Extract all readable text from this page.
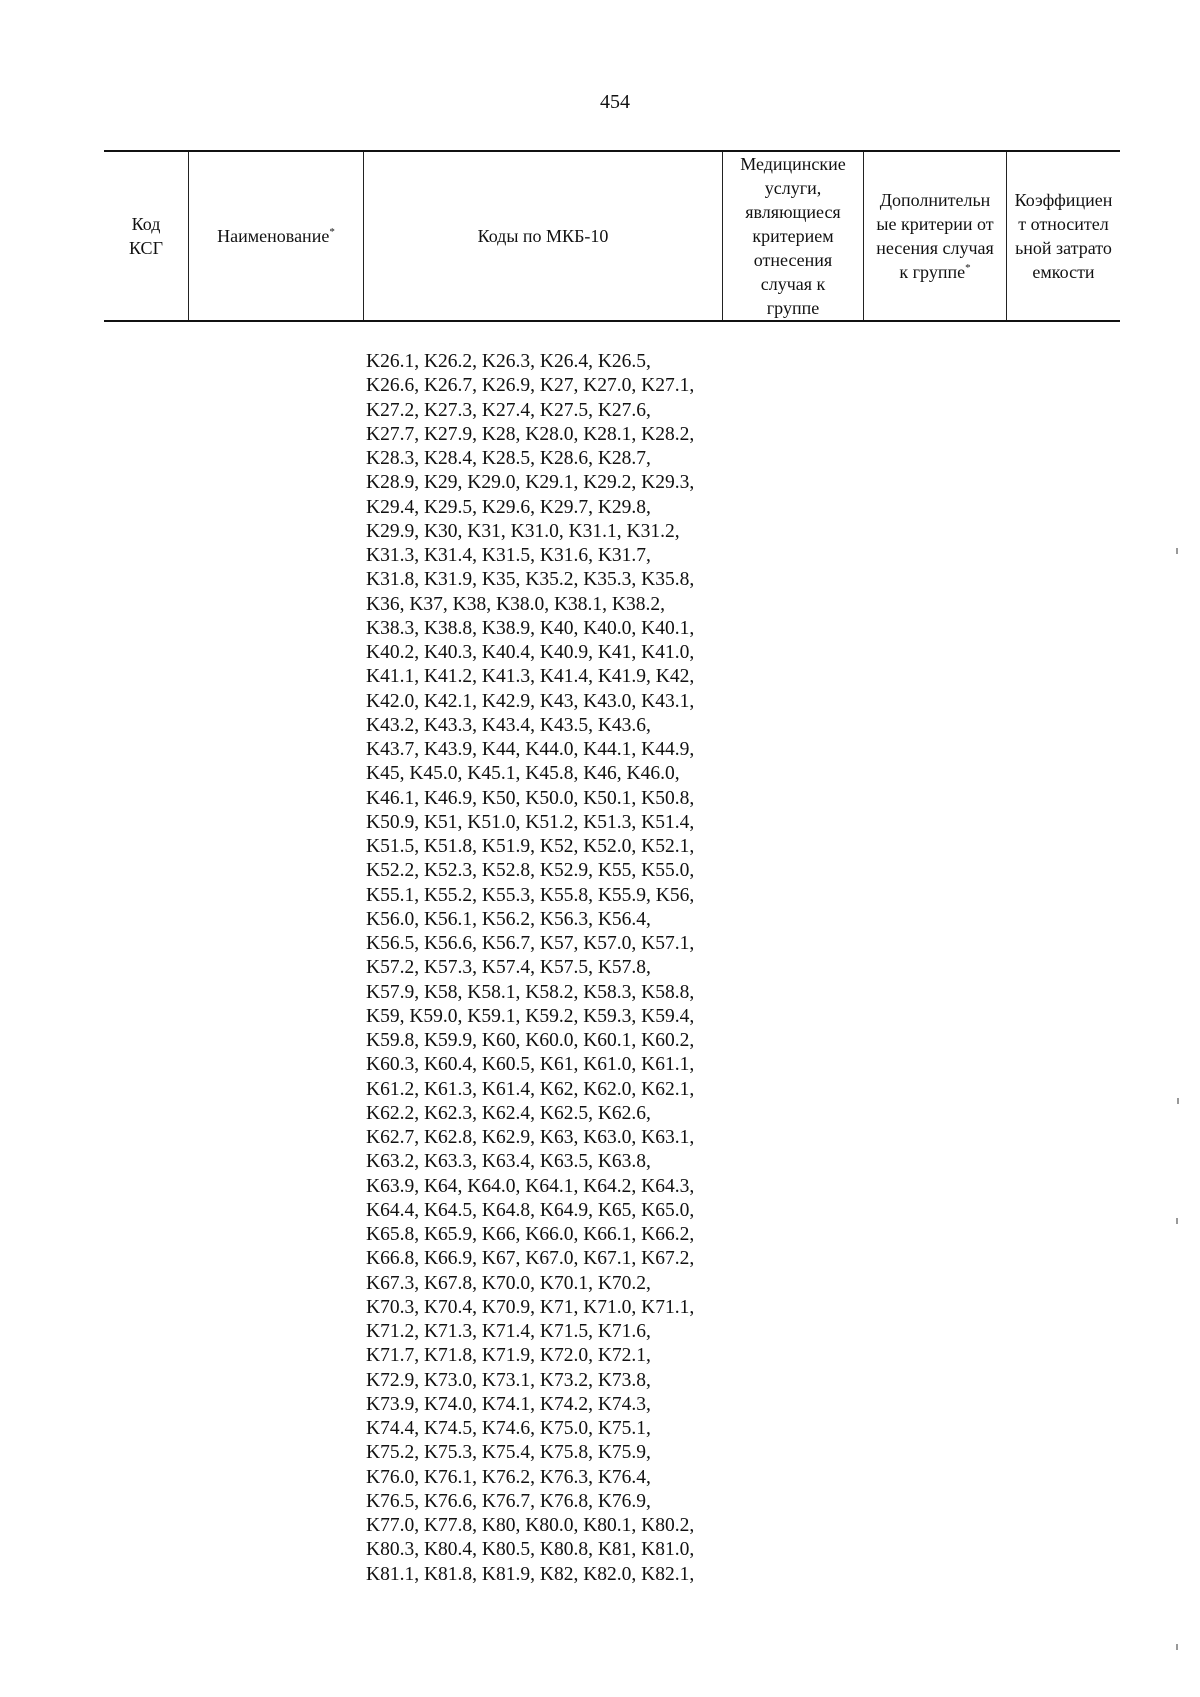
454
Код КСГ
Наименование*	Коды по МКБ-10
Медицинские услуги, являющиеся критерием отнесения случая к группе
Дополнительные критерии отнесения случая к группе*
Коэффициент относительной затратоемкости
K26.1, K26.2, K26.3, K26.4, K26.5,
K26.6, K26.7, K26.9, K27, K27.0, K27.1,
K27.2, K27.3, K27.4, K27.5, K27.6,
K27.7, K27.9, K28, K28.0, K28.1, K28.2,
K28.3, K28.4, K28.5, K28.6, K28.7,
K28.9, K29, K29.0, K29.1, K29.2, K29.3,
K29.4, K29.5, K29.6, K29.7, K29.8,
K29.9, K30, K31, K31.0, K31.1, K31.2,
K31.3, K31.4, K31.5, K31.6, K31.7,
K31.8, K31.9, K35, K35.2, K35.3, K35.8,
K36, K37, K38, K38.0, K38.1, K38.2,
K38.3, K38.8, K38.9, K40, K40.0, K40.1,
K40.2, K40.3, K40.4, K40.9, K41, K41.0,
K41.1, K41.2, K41.3, K41.4, K41.9, K42,
K42.0, K42.1, K42.9, K43, K43.0, K43.1,
K43.2, K43.3, K43.4, K43.5, K43.6,
K43.7, K43.9, K44, K44.0, K44.1, K44.9,
K45, K45.0, K45.1, K45.8, K46, K46.0,
K46.1, K46.9, K50, K50.0, K50.1, K50.8,
K50.9, K51, K51.0, K51.2, K51.3, K51.4,
K51.5, K51.8, K51.9, K52, K52.0, K52.1,
K52.2, K52.3, K52.8, K52.9, K55, K55.0,
K55.1, K55.2, K55.3, K55.8, K55.9, K56,
K56.0, K56.1, K56.2, K56.3, K56.4,
K56.5, K56.6, K56.7, K57, K57.0, K57.1,
K57.2, K57.3, K57.4, K57.5, K57.8,
K57.9, K58, K58.1, K58.2, K58.3, K58.8,
K59, K59.0, K59.1, K59.2, K59.3, K59.4,
K59.8, K59.9, K60, K60.0, K60.1, K60.2,
K60.3, K60.4, K60.5, K61, K61.0, K61.1,
K61.2, K61.3, K61.4, K62, K62.0, K62.1,
K62.2, K62.3, K62.4, K62.5, K62.6,
K62.7, K62.8, K62.9, K63, K63.0, K63.1,
K63.2, K63.3, K63.4, K63.5, K63.8,
K63.9, K64, K64.0, K64.1, K64.2, K64.3,
K64.4, K64.5, K64.8, K64.9, K65, K65.0,
K65.8, K65.9, K66, K66.0, K66.1, K66.2,
K66.8, K66.9, K67, K67.0, K67.1, K67.2,
K67.3, K67.8, K70.0, K70.1, K70.2,
K70.3, K70.4, K70.9, K71, K71.0, K71.1,
K71.2, K71.3, K71.4, K71.5, K71.6,
K71.7, K71.8, K71.9, K72.0, K72.1,
K72.9, K73.0, K73.1, K73.2, K73.8,
K73.9, K74.0, K74.1, K74.2, K74.3,
K74.4, K74.5, K74.6, K75.0, K75.1,
K75.2, K75.3, K75.4, K75.8, K75.9,
K76.0, K76.1, K76.2, K76.3, K76.4,
K76.5, K76.6, K76.7, K76.8, K76.9,
K77.0, K77.8, K80, K80.0, K80.1, K80.2,
K80.3, K80.4, K80.5, K80.8, K81, K81.0,
K81.1, K81.8, K81.9, K82, K82.0, K82.1,
